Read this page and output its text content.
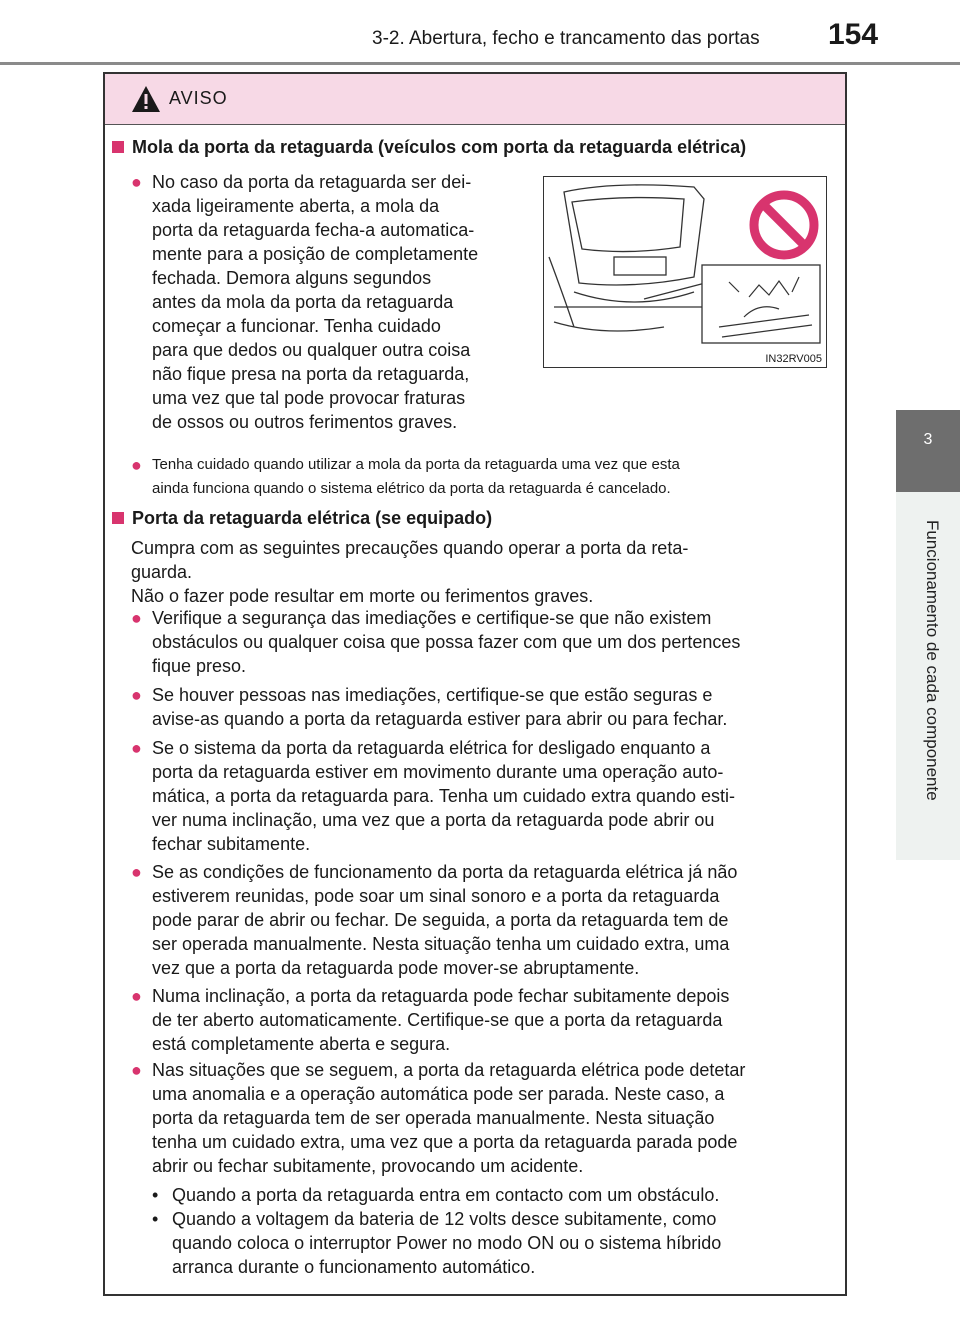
3-2. Abertura, fecho e trancamento das portas 154
3
Funcionamento de cada componente
AVISO
Mola da porta da retaguarda (veículos com porta da retaguarda elétrica)
● No caso da porta da retaguarda ser dei-
xada ligeiramente aberta, a mola da
porta da retaguarda fecha-a automatica-
mente para a posição de completamente
fechada. Demora alguns segundos
antes da mola da porta da retaguarda
começar a funcionar. Tenha cuidado
para que dedos ou qualquer outra coisa
não fique presa na porta da retaguarda,
uma vez que tal pode provocar fraturas
de ossos ou outros ferimentos graves.
IN32RV005
● Tenha cuidado quando utilizar a mola da porta da retaguarda uma vez que esta
ainda funciona quando o sistema elétrico da porta da retaguarda é cancelado.
Porta da retaguarda elétrica (se equipado)
Cumpra com as seguintes precauções quando operar a porta da reta-
guarda.
Não o fazer pode resultar em morte ou ferimentos graves.
● Verifique a segurança das imediações e certifique-se que não existem
obstáculos ou qualquer coisa que possa fazer com que um dos pertences
fique preso.
● Se houver pessoas nas imediações, certifique-se que estão seguras e
avise-as quando a porta da retaguarda estiver para abrir ou para fechar.
● Se o sistema da porta da retaguarda elétrica for desligado enquanto a
porta da retaguarda estiver em movimento durante uma operação auto-
mática, a porta da retaguarda para. Tenha um cuidado extra quando esti-
ver numa inclinação, uma vez que a porta da retaguarda pode abrir ou
fechar subitamente.
● Se as condições de funcionamento da porta da retaguarda elétrica já não
estiverem reunidas, pode soar um sinal sonoro e a porta da retaguarda
pode parar de abrir ou fechar. De seguida, a porta da retaguarda tem de
ser operada manualmente. Nesta situação tenha um cuidado extra, uma
vez que a porta da retaguarda pode mover-se abruptamente.
● Numa inclinação, a porta da retaguarda pode fechar subitamente depois
de ter aberto automaticamente. Certifique-se que a porta da retaguarda
está completamente aberta e segura.
● Nas situações que se seguem, a porta da retaguarda elétrica pode detetar
uma anomalia e a operação automática pode ser parada. Neste caso, a
porta da retaguarda tem de ser operada manualmente. Nesta situação
tenha um cuidado extra, uma vez que a porta da retaguarda parada pode
abrir ou fechar subitamente, provocando um acidente.
• Quando a porta da retaguarda entra em contacto com um obstáculo.
• Quando a voltagem da bateria de 12 volts desce subitamente, como
quando coloca o interruptor Power no modo ON ou o sistema híbrido
arranca durante o funcionamento automático.
